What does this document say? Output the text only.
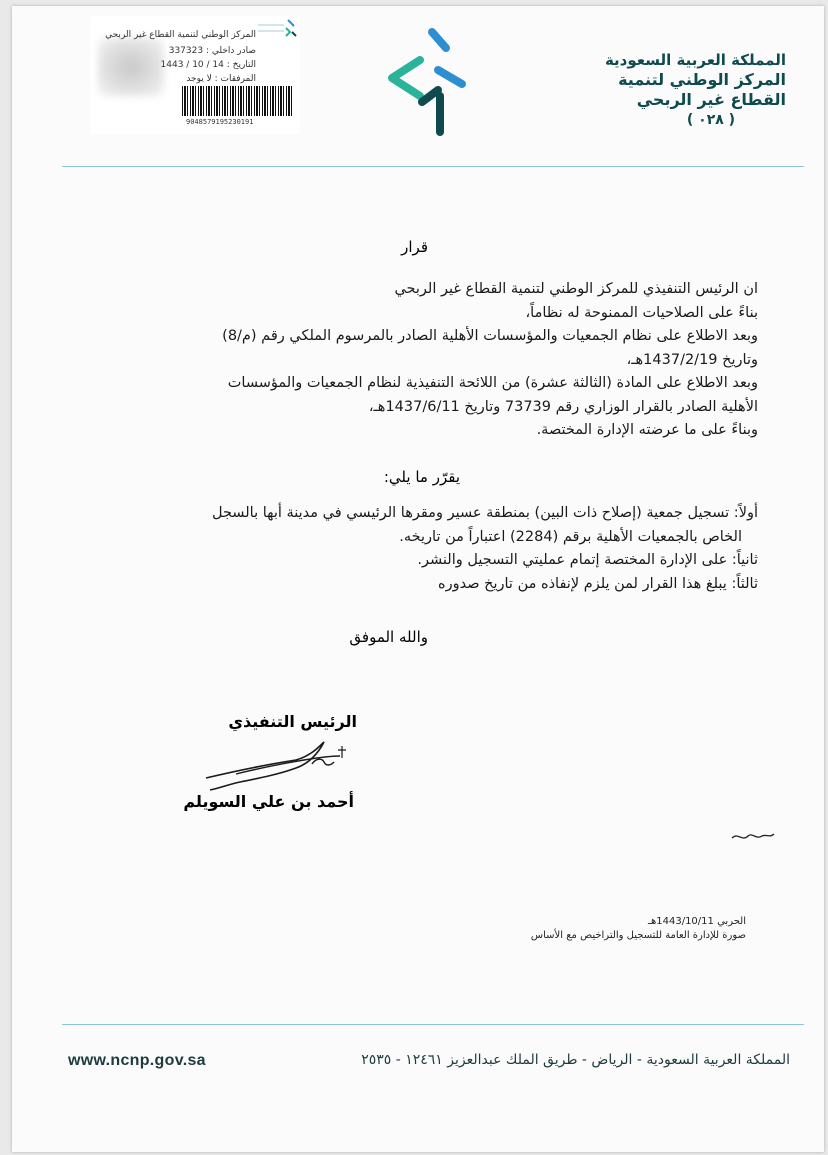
المركز الوطني لتنمية القطاع غير الربحي
صادر داخلي : 337323
التاريخ : 14 / 10 / 1443
المرفقات : لا يوجد
9048579195230191
المملكة العربية السعودية
المركز الوطني لتنمية
القطاع غير الربحي
( ٠٢٨ )
قرار
ان الرئيس التنفيذي للمركز الوطني لتنمية القطاع غير الربحي
بناءً على الصلاحيات الممنوحة له نظاماً،
وبعد الاطلاع على نظام الجمعيات والمؤسسات الأهلية الصادر بالمرسوم الملكي رقم (م/8)
وتاريخ 1437/2/19هـ،
وبعد الاطلاع على المادة (الثالثة عشرة) من اللائحة التنفيذية لنظام الجمعيات والمؤسسات
الأهلية الصادر بالقرار الوزاري رقم 73739 وتاريخ 1437/6/11هـ،
وبناءً على ما عرضته الإدارة المختصة.
يقرّر ما يلي:
أولاً: تسجيل جمعية (إصلاح ذات البين) بمنطقة عسير ومقرها الرئيسي في مدينة أبها بالسجل
الخاص بالجمعيات الأهلية برقم (2284) اعتباراً من تاريخه.
ثانياً: على الإدارة المختصة إتمام عمليتي التسجيل والنشر.
ثالثاً: يبلغ هذا القرار لمن يلزم لإنفاذه من تاريخ صدوره
والله الموفق
الرئيس التنفيذي
أحمد بن علي السويلم
الحربي 1443/10/11هـ
صورة للإدارة العامة للتسجيل والتراخيص مع الأساس
www.ncnp.gov.sa	المملكة العربية السعودية - الرياض - طريق الملك عبدالعزيز ١٢٤٦١ - ٢٥٣٥
